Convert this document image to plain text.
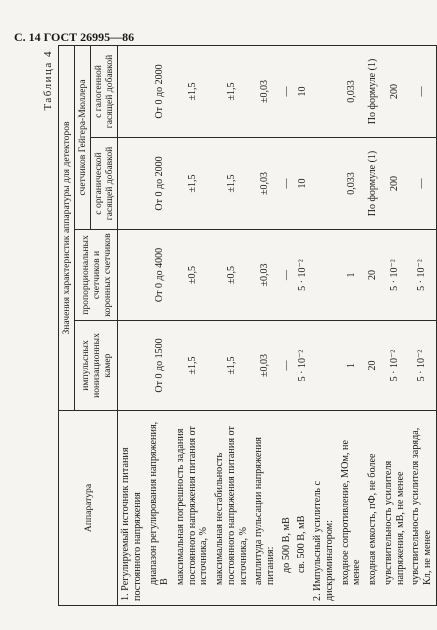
С. 14 ГОСТ 26995—86
Таблица 4
Аппаратура	Значения характеристик аппаратуры для детекторов			
	импульсных ионизационных камер	пропорциональных счетчиков и коронных счетчиков	счетчиков Гейгера-Мюллера	
			с органической гасящей добавкой	с галогенной гасящей добавкой
1. Регулируемый источник питания постоянного напряжения				
диапазон регулирования напряжения, В	От 0 до 1500	От 0 до 4000	От 0 до 2000	От 0 до 2000
максимальная погрешность задания постоянного напряжения питания от источника, %	±1,5	±0,5	±1,5	±1,5
максимальная нестабильность постоянного напряжения питания от источника, %	±1,5	±0,5	±1,5	±1,5
амплитуда пульсации напряжения питания:	±0,03	±0,03	±0,03	±0,03
до 500 В, мВ	—	—	—	—
св. 500 В, мВ	5 · 10⁻²	5 · 10⁻²	10	10
2. Импульсный усилитель с дискриминатором:				
входное сопротивление, МОм, не менее	1	1	0,033	0,033
входная емкость, пФ, не более	20	20	По формуле (1)	По формуле (1)
чувствительность усилителя напряжения, мВ, не менее	5 · 10⁻²	5 · 10⁻²	200	200
чувствительность усилителя заряда, Кл, не менее	5 · 10⁻²	5 · 10⁻²	—	—
